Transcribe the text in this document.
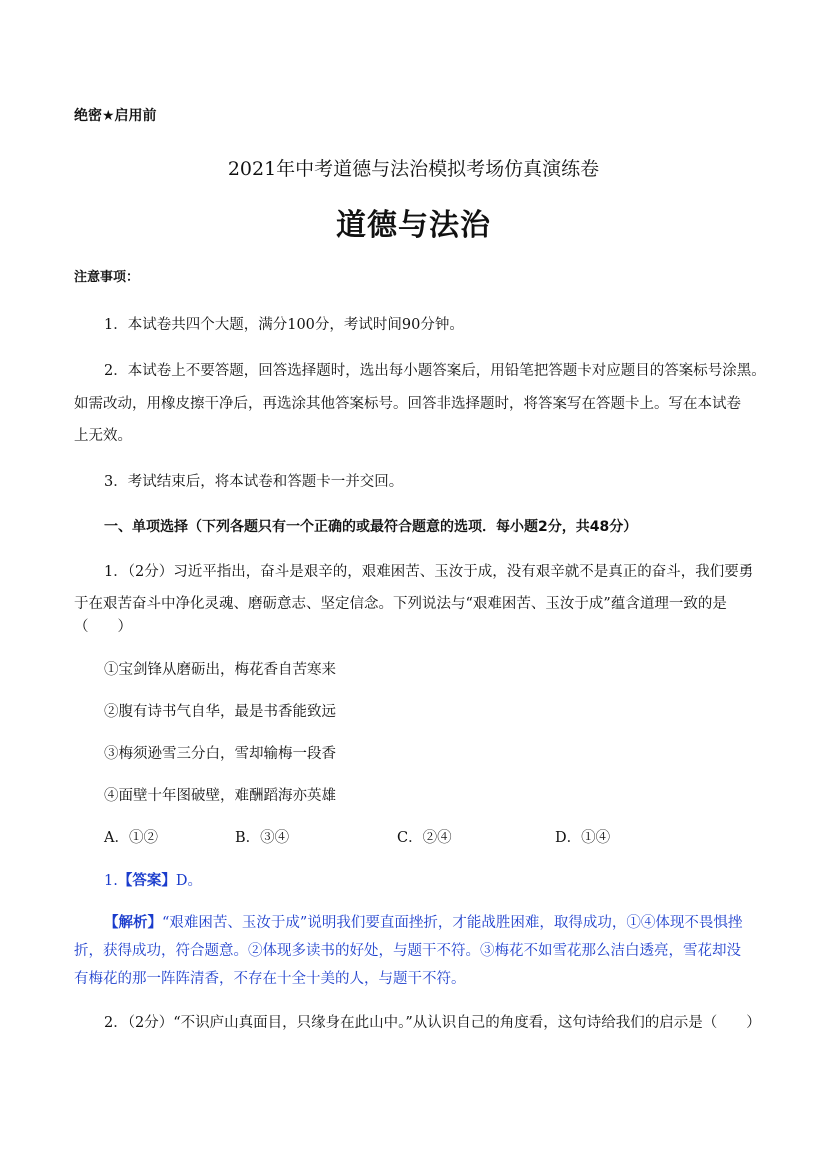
绝密★启用前
2021年中考道德与法治模拟考场仿真演练卷
道德与法治
注意事项：
1．本试卷共四个大题，满分100分，考试时间90分钟。
2．本试卷上不要答题，回答选择题时，选出每小题答案后，用铅笔把答题卡对应题目的答案标号涂黑。
如需改动，用橡皮擦干净后，再选涂其他答案标号。回答非选择题时，将答案写在答题卡上。写在本试卷
上无效。
3．考试结束后，将本试卷和答题卡一并交回。
一、单项选择（下列各题只有一个正确的或最符合题意的选项．每小题2分，共48分）
1．（2分）习近平指出，奋斗是艰辛的，艰难困苦、玉汝于成，没有艰辛就不是真正的奋斗，我们要勇
于在艰苦奋斗中净化灵魂、磨砺意志、坚定信念。下列说法与“艰难困苦、玉汝于成”蕴含道理一致的是
（　　）
①宝剑锋从磨砺出，梅花香自苦寒来
②腹有诗书气自华，最是书香能致远
③梅须逊雪三分白，雪却输梅一段香
④面壁十年图破壁，难酬蹈海亦英雄
A．①②	B．③④	C．②④	D．①④
1.【答案】D。
【解析】“艰难困苦、玉汝于成”说明我们要直面挫折，才能战胜困难，取得成功，①④体现不畏惧挫
折，获得成功，符合题意。②体现多读书的好处，与题干不符。③梅花不如雪花那么洁白透亮，雪花却没
有梅花的那一阵阵清香，不存在十全十美的人，与题干不符。
2．（2分）“不识庐山真面目，只缘身在此山中。”从认识自己的角度看，这句诗给我们的启示是（　　）
